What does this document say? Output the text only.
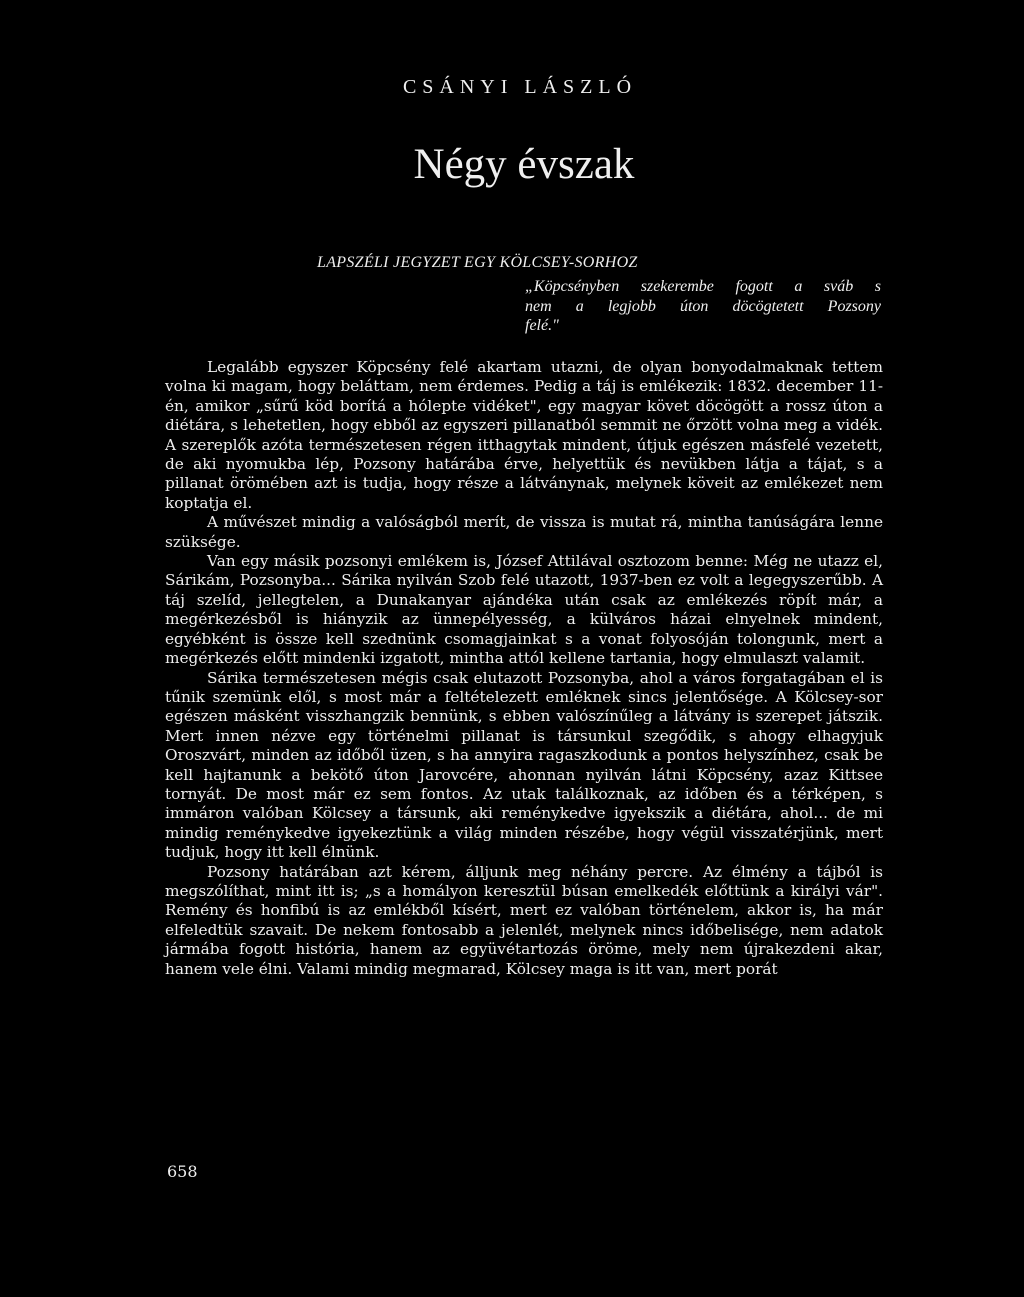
CSÁNYI LÁSZLÓ
Négy évszak
LAPSZÉLI JEGYZET EGY KÖLCSEY-SORHOZ
„Köpcsényben szekerembe fogott a sváb s
nem a legjobb úton döcögtetett Pozsony
felé."

Legalább egyszer Köpcsény felé akartam utazni, de olyan bonyodalmaknak tettem volna ki magam, hogy beláttam, nem érdemes. Pedig a táj is emlékezik: 1832. december 11-én, amikor „sűrű köd borítá a hólepte vidéket", egy magyar követ döcögött a rossz úton a diétára, s lehetetlen, hogy ebből az egyszeri pillanatból semmit ne őrzött volna meg a vidék. A szereplők azóta természetesen régen itthagytak mindent, útjuk egészen másfelé vezetett, de aki nyomukba lép, Pozsony határába érve, helyettük és nevükben látja a tájat, s a pillanat örömében azt is tudja, hogy része a látványnak, melynek köveit az emlékezet nem koptatja el.

A művészet mindig a valóságból merít, de vissza is mutat rá, mintha tanúságára lenne szüksége.

Van egy másik pozsonyi emlékem is, József Attilával osztozom benne: Még ne utazz el, Sárikám, Pozsonyba... Sárika nyilván Szob felé utazott, 1937-ben ez volt a legegyszerűbb. A táj szelíd, jellegtelen, a Dunakanyar ajándéka után csak az emlékezés röpít már, a megérkezésből is hiányzik az ünnepélyesség, a külváros házai elnyelnek mindent, egyébként is össze kell szednünk csomagjainkat s a vonat folyosóján tolongunk, mert a megérkezés előtt mindenki izgatott, mintha attól kellene tartania, hogy elmulaszt valamit.

Sárika természetesen mégis csak elutazott Pozsonyba, ahol a város forgatagában el is tűnik szemünk elől, s most már a feltételezett emléknek sincs jelentősége. A Kölcsey-sor egészen másként visszhangzik bennünk, s ebben valószínűleg a látvány is szerepet játszik. Mert innen nézve egy történelmi pillanat is társunkul szegődik, s ahogy elhagyjuk Oroszvárt, minden az időből üzen, s ha annyira ragaszkodunk a pontos helyszínhez, csak be kell hajtanunk a bekötő úton Jarovcére, ahonnan nyilván látni Köpcsény, azaz Kittsee tornyát. De most már ez sem fontos. Az utak találkoznak, az időben és a térképen, s immáron valóban Kölcsey a társunk, aki reménykedve igyekszik a diétára, ahol... de mi mindig reménykedve igyekeztünk a világ minden részébe, hogy végül visszatérjünk, mert tudjuk, hogy itt kell élnünk.

Pozsony határában azt kérem, álljunk meg néhány percre. Az élmény a tájból is megszólíthat, mint itt is; „s a homályon keresztül búsan emelkedék előttünk a királyi vár". Remény és honfibú is az emlékből kísért, mert ez valóban történelem, akkor is, ha már elfeledtük szavait. De nekem fontosabb a jelenlét, melynek nincs időbelisége, nem adatok jármába fogott história, hanem az együvétartozás öröme, mely nem újrakezdeni akar, hanem vele élni. Valami mindig megmarad, Kölcsey maga is itt van, mert porát

658
